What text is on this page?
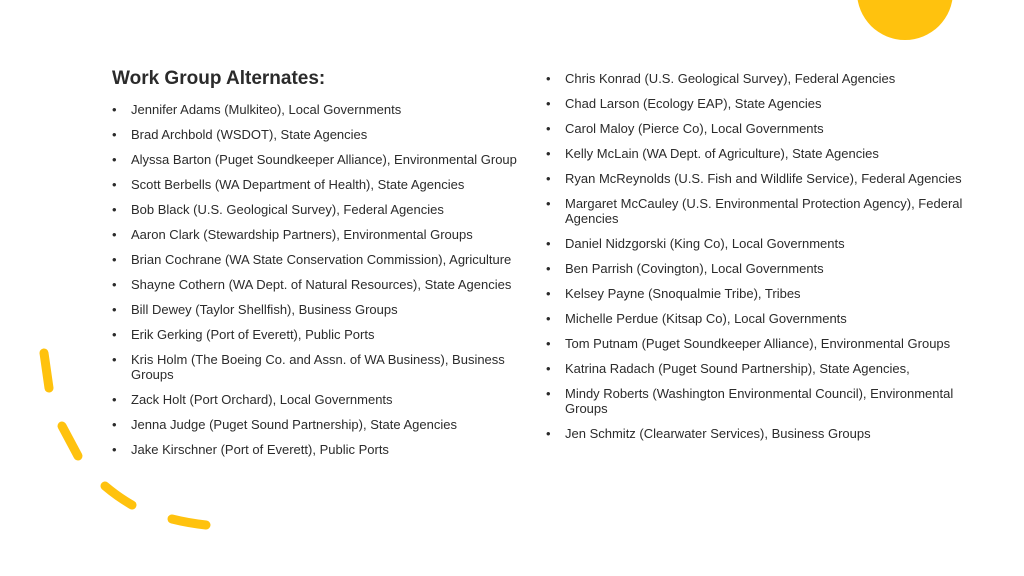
Work Group Alternates:
• Jennifer Adams (Mulkiteo), Local Governments
• Brad Archbold (WSDOT), State Agencies
• Alyssa Barton (Puget Soundkeeper Alliance), Environmental Group
• Scott Berbells (WA Department of Health), State Agencies
• Bob Black (U.S. Geological Survey), Federal Agencies
• Aaron Clark (Stewardship Partners), Environmental Groups
• Brian Cochrane (WA State Conservation Commission), Agriculture
• Shayne Cothern (WA Dept. of Natural Resources), State Agencies
• Bill Dewey (Taylor Shellfish), Business Groups
• Erik Gerking (Port of Everett), Public Ports
• Kris Holm (The Boeing Co. and Assn. of WA Business), Business Groups
• Zack Holt (Port Orchard), Local Governments
• Jenna Judge (Puget Sound Partnership), State Agencies
• Jake Kirschner (Port of Everett), Public Ports
• Chris Konrad (U.S. Geological Survey), Federal Agencies
• Chad Larson (Ecology EAP), State Agencies
• Carol Maloy (Pierce Co), Local Governments
• Kelly McLain (WA Dept. of Agriculture), State Agencies
• Ryan McReynolds (U.S. Fish and Wildlife Service), Federal Agencies
• Margaret McCauley (U.S. Environmental Protection Agency), Federal Agencies
• Daniel Nidzgorski (King Co), Local Governments
• Ben Parrish (Covington), Local Governments
• Kelsey Payne (Snoqualmie Tribe), Tribes
• Michelle Perdue (Kitsap Co), Local Governments
• Tom Putnam (Puget Soundkeeper Alliance), Environmental Groups
• Katrina Radach (Puget Sound Partnership), State Agencies,
• Mindy Roberts (Washington Environmental Council), Environmental Groups
• Jen Schmitz (Clearwater Services), Business Groups
